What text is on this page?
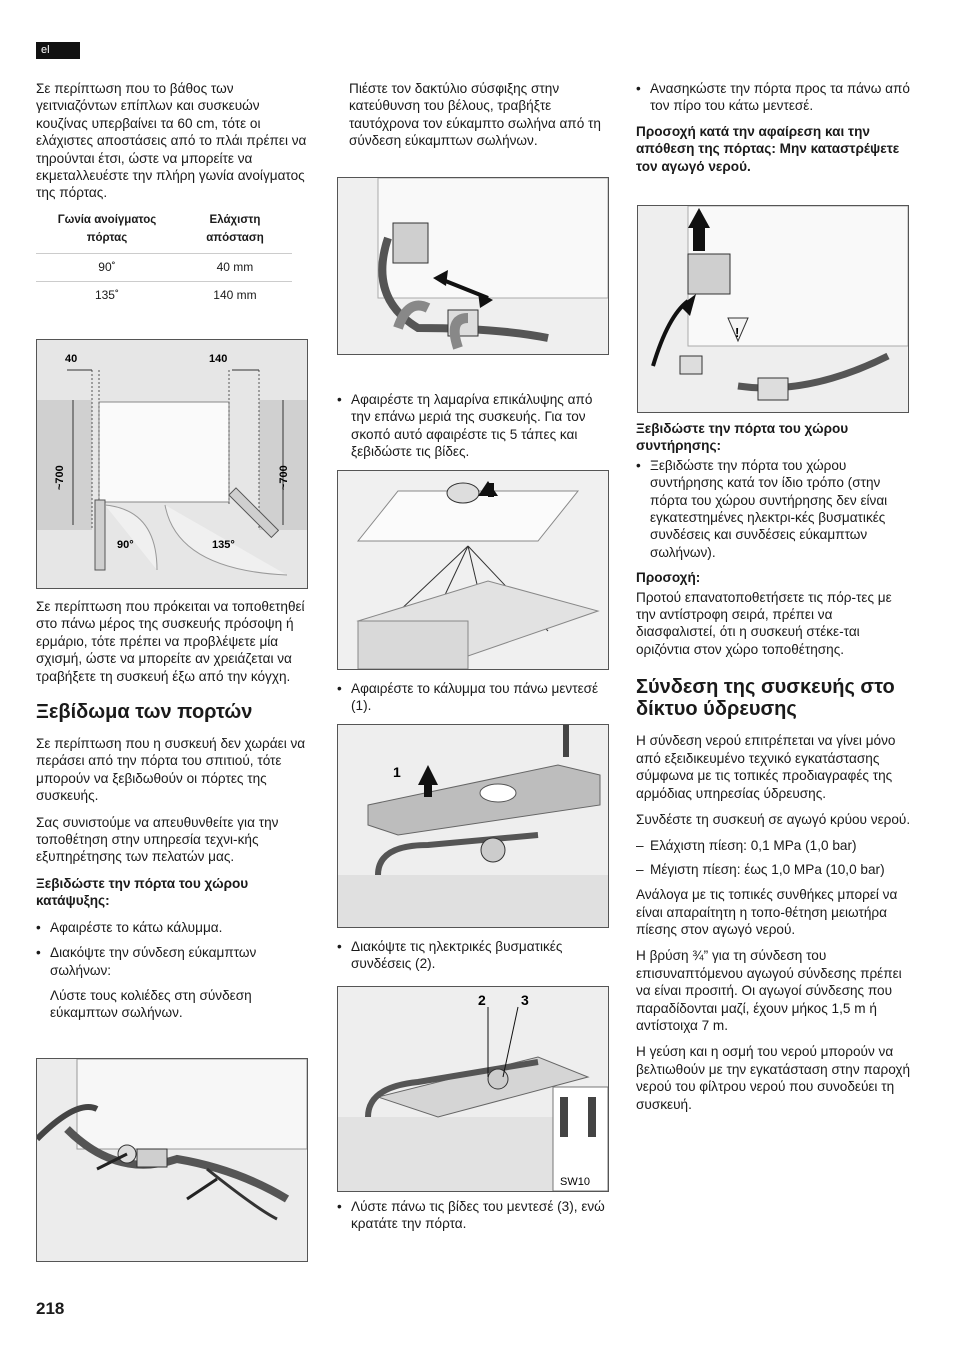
el

Σε περίπτωση που το βάθος των γειτνιαζόντων επίπλων και συσκευών κουζίνας υπερβαίνει τα 60 cm, τότε οι ελάχιστες αποστάσεις από το πλάι πρέπει να τηρούνται έτσι, ώστε να μπορείτε να εκμεταλλευέστε την πλήρη γωνία ανοίγματος της πόρτας.

Γωνία ανοίγματος πόρτας	Ελάχιστη απόσταση
90˚	40 mm
135˚	140 mm
40	140
~700	~700
90°	135°

Σε περίπτωση που πρόκειται να τοποθετηθεί στο πάνω μέρος της συσκευής πρόσοψη ή ερμάριο, τότε πρέπει να προβλέψετε μία σχισμή, ώστε να μπορείτε αν χρειάζεται να τραβήξετε τη συσκευή έξω από την κόγχη.

Ξεβίδωμα των πορτών

Σε περίπτωση που η συσκευή δεν χωράει να περάσει από την πόρτα του σπιτιού, τότε μπορούν να ξεβιδωθούν οι πόρτες της συσκευής.

Σας συνιστούμε να απευθυνθείτε για την τοποθέτηση στην υπηρεσία τεχνι-κής εξυπηρέτησης των πελατών μας.

Ξεβιδώστε την πόρτα του χώρου κατάψυξης:

• Αφαιρέστε το κάτω κάλυμμα.
• Διακόψτε την σύνδεση εύκαμπτων σωλήνων:

Λύστε τους κολιέδες στη σύνδεση εύκαμπτων σωλήνων.

Πιέστε τον δακτύλιο σύσφιξης στην κατεύθυνση του βέλους, τραβήξτε ταυτόχρονα τον εύκαμπτο σωλήνα από τη σύνδεση εύκαμπτων σωλήνων.

• Αφαιρέστε τη λαμαρίνα επικάλυψης από την επάνω μεριά της συσκευής. Για τον σκοπό αυτό αφαιρέστε τις 5 τάπες και ξεβιδώστε τις βίδες.
• Αφαιρέστε το κάλυμμα του πάνω μεντεσέ (1).
1
• Διακόψτε τις ηλεκτρικές βυσματικές συνδέσεις (2).
2	3
SW10
• Λύστε πάνω τις βίδες του μεντεσέ (3), ενώ κρατάτε την πόρτα.
• Ανασηκώστε την πόρτα προς τα πάνω από τον πίρο του κάτω μεντεσέ.

Προσοχή κατά την αφαίρεση και την απόθεση της πόρτας: Μην καταστρέψετε τον αγωγό νερού.

!

Ξεβιδώστε την πόρτα του χώρου συντήρησης:

• Ξεβιδώστε την πόρτα του χώρου συντήρησης κατά τον ίδιο τρόπο (στην πόρτα του χώρου συντήρησης δεν είναι εγκατεστημένες ηλεκτρι-κές βυσματικές συνδέσεις και συνδέσεις εύκαμπτων σωλήνων).

Προσοχή:

Προτού επανατοποθετήσετε τις πόρ-τες με την αντίστροφη σειρά, πρέπει να διασφαλιστεί, ότι η συσκευή στέκε-ται οριζόντια στον χώρο τοποθέτησης.

Σύνδεση της συσκευής στο δίκτυο ύδρευσης

Η σύνδεση νερού επιτρέπεται να γίνει μόνο από εξειδικευμένο τεχνικό εγκατάστασης σύμφωνα με τις τοπικές προδιαγραφές της αρμόδιας υπηρεσίας ύδρευσης.

Συνδέστε τη συσκευή σε αγωγό κρύου νερού.

– Ελάχιστη πίεση: 0,1 MPa (1,0 bar)
– Μέγιστη πίεση: έως 1,0 MPa (10,0 bar)

Ανάλογα με τις τοπικές συνθήκες μπορεί να είναι απαραίτητη η τοπο-θέτηση μειωτήρα πίεσης στον αγωγό νερού.

Η βρύση ¾” για τη σύνδεση του επισυναπτόμενου αγωγού σύνδεσης πρέπει να είναι προσιτή. Οι αγωγοί σύνδεσης που παραδίδονται μαζί, έχουν μήκος 1,5 m ή αντίστοιχα 7 m.

Η γεύση και η οσμή του νερού μπορούν να βελτιωθούν με την εγκατάσταση στην παροχή νερού του φίλτρου νερού που συνοδεύει τη συσκευή.

218
